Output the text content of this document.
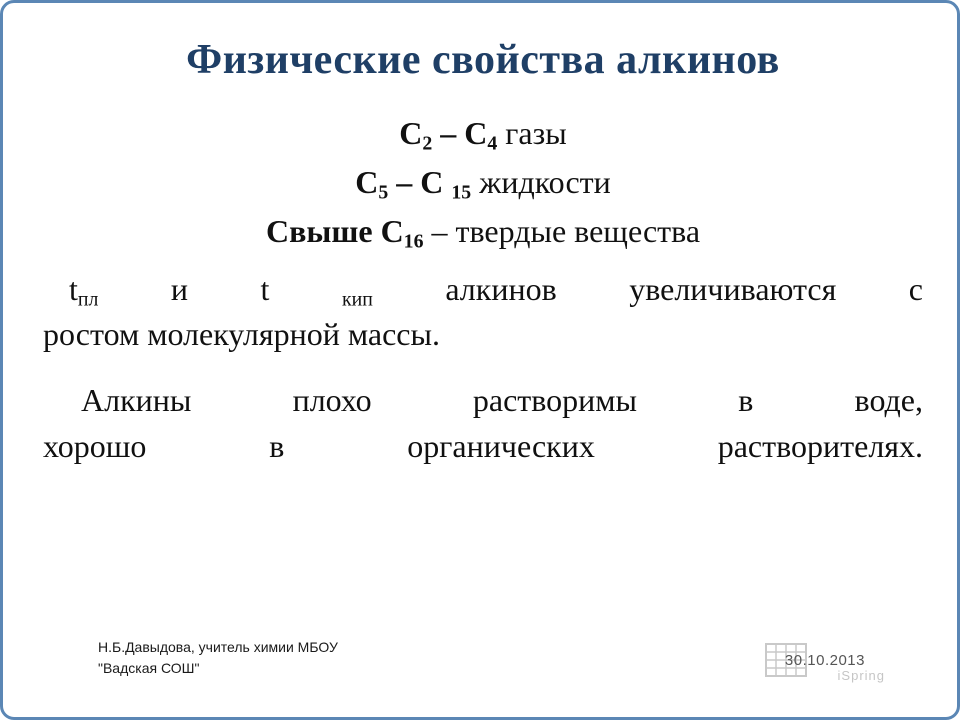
Физические свойства алкинов
$C_2 - C_4$ газы
$C_5$ – C $_{15}$ жидкости
Свыше $C_{16}$ – твердые вещества
$t_{пл}$ и t $_{кип}$ алкинов увеличиваются с
ростом молекулярной массы.
Алкины плохо растворимы в воде,
хорошо в органических растворителях.
Н.Б.Давыдова, учитель химии МБОУ
"Вадская СОШ"	iSpring
30.10.2013
